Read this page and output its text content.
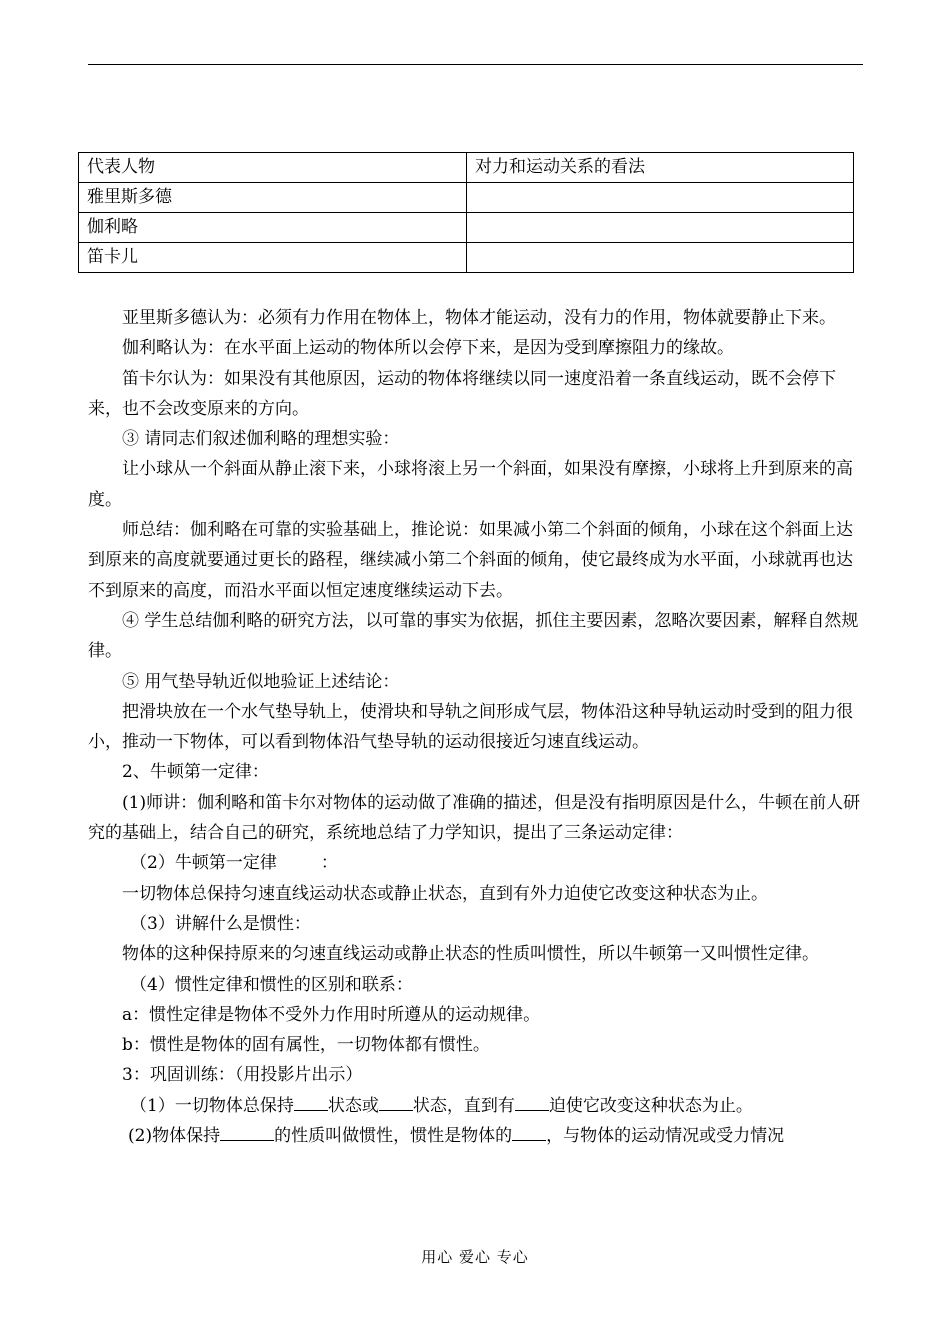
代表人物	对力和运动关系的看法
雅里斯多德	
伽利略	
笛卡儿	

亚里斯多德认为：必须有力作用在物体上，物体才能运动，没有力的作用，物体就要静止下来。

伽利略认为：在水平面上运动的物体所以会停下来，是因为受到摩擦阻力的缘故。

笛卡尔认为：如果没有其他原因，运动的物体将继续以同一速度沿着一条直线运动，既不会停下来，也不会改变原来的方向。

③ 请同志们叙述伽利略的理想实验：

让小球从一个斜面从静止滚下来，小球将滚上另一个斜面，如果没有摩擦，小球将上升到原来的高度。

师总结：伽利略在可靠的实验基础上，推论说：如果减小第二个斜面的倾角，小球在这个斜面上达到原来的高度就要通过更长的路程，继续减小第二个斜面的倾角，使它最终成为水平面，小球就再也达不到原来的高度，而沿水平面以恒定速度继续运动下去。

④ 学生总结伽利略的研究方法，以可靠的事实为依据，抓住主要因素，忽略次要因素，解释自然规律。

⑤ 用气垫导轨近似地验证上述结论：

把滑块放在一个水气垫导轨上，使滑块和导轨之间形成气层，物体沿这种导轨运动时受到的阻力很小，推动一下物体，可以看到物体沿气垫导轨的运动很接近匀速直线运动。

2、牛顿第一定律：

(1)师讲：伽利略和笛卡尔对物体的运动做了准确的描述，但是没有指明原因是什么，牛顿在前人研究的基础上，结合自己的研究，系统地总结了力学知识，提出了三条运动定律：

（2）牛顿第一定律	：

一切物体总保持匀速直线运动状态或静止状态，直到有外力迫使它改变这种状态为止。

（3）讲解什么是惯性：

物体的这种保持原来的匀速直线运动或静止状态的性质叫惯性，所以牛顿第一又叫惯性定律。

（4）惯性定律和惯性的区别和联系：

a：惯性定律是物体不受外力作用时所遵从的运动规律。

b：惯性是物体的固有属性，一切物体都有惯性。

3：巩固训练：（用投影片出示）

（1）一切物体总保持 状态或 状态，直到有 迫使它改变这种状态为止。

(2)物体保持	的性质叫做惯性，惯性是物体的 ，与物体的运动情况或受力情况

用心 爱心 专心
